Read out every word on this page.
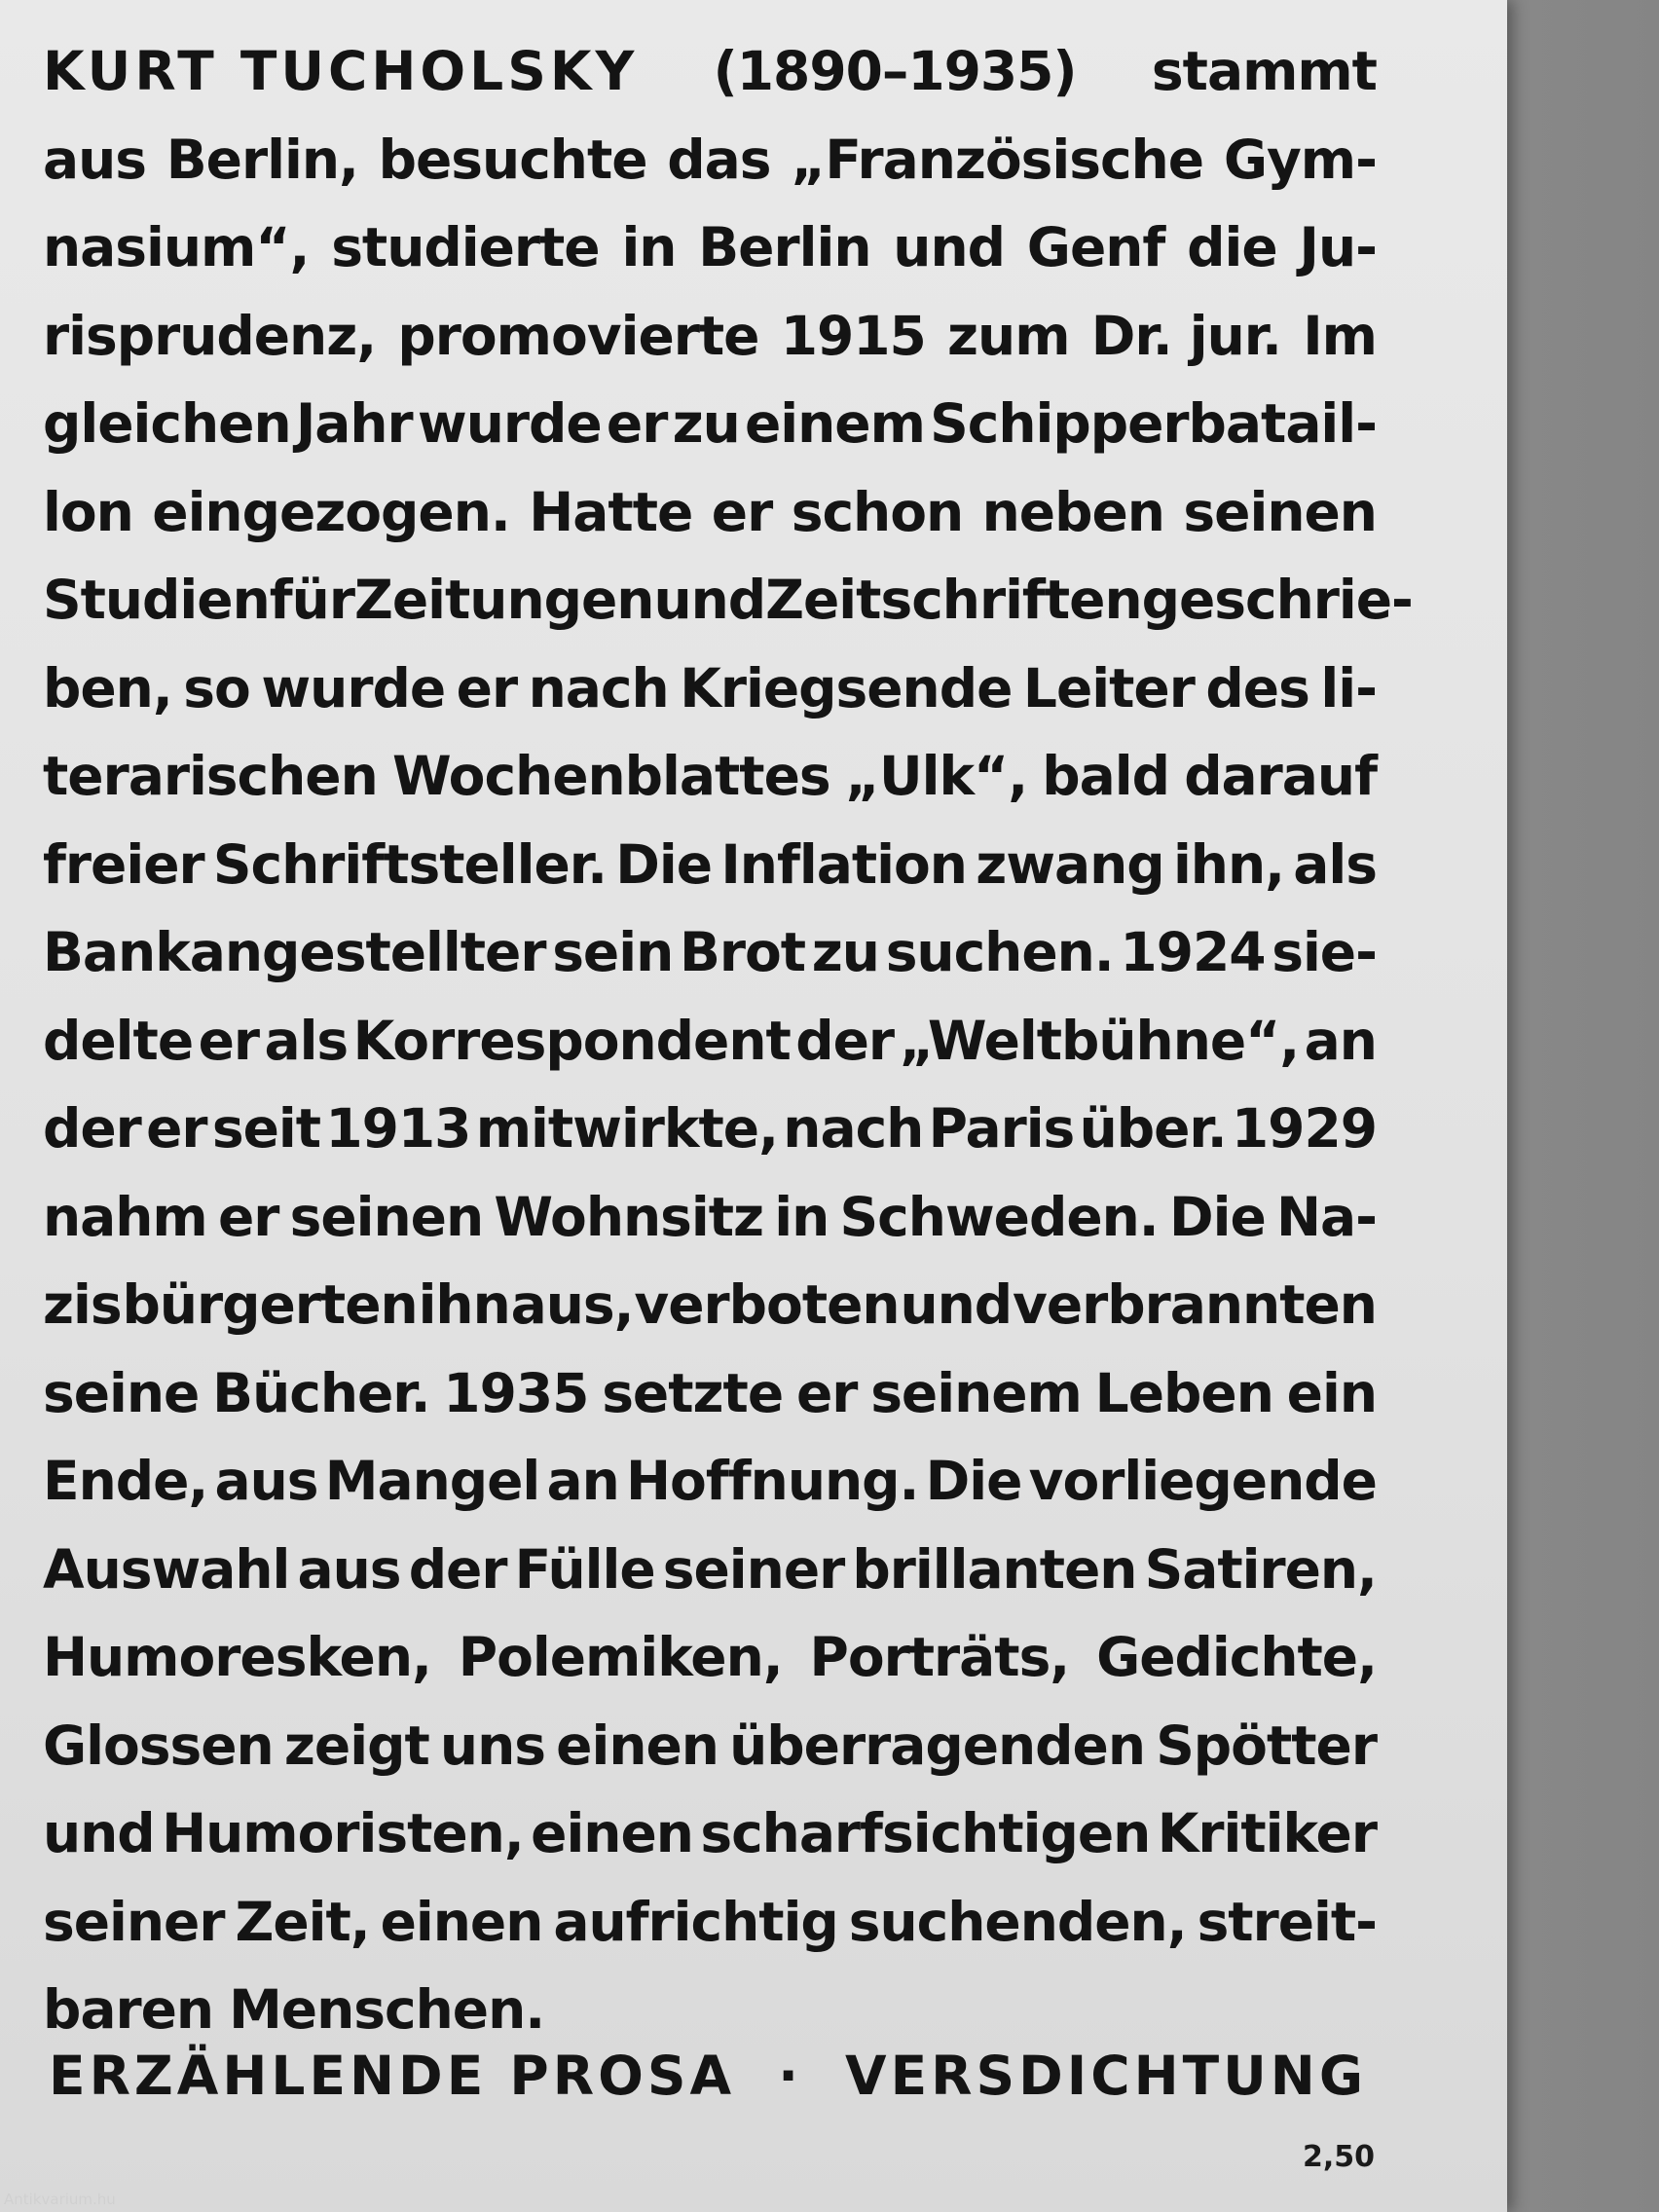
KURT TUCHOLSKY (1890–1935) stammt
aus Berlin, besuchte das „Französische Gym-
nasium“, studierte in Berlin und Genf die Ju-
risprudenz, promovierte 1915 zum Dr. jur. Im
gleichen Jahr wurde er zu einem Schipperbatail-
lon eingezogen. Hatte er schon neben seinen
Studien für Zeitungen und Zeitschriften geschrie-
ben, so wurde er nach Kriegsende Leiter des li-
terarischen Wochenblattes „Ulk“, bald darauf
freier Schriftsteller. Die Inflation zwang ihn, als
Bankangestellter sein Brot zu suchen. 1924 sie-
delte er als Korrespondent der „Weltbühne“, an
der er seit 1913 mitwirkte, nach Paris über. 1929
nahm er seinen Wohnsitz in Schweden. Die Na-
zis bürgerten ihn aus, verboten und verbrannten
seine Bücher. 1935 setzte er seinem Leben ein
Ende, aus Mangel an Hoffnung. Die vorliegende
Auswahl aus der Fülle seiner brillanten Satiren,
Humoresken, Polemiken, Porträts, Gedichte,
Glossen zeigt uns einen überragenden Spötter
und Humoristen, einen scharfsichtigen Kritiker
seiner Zeit, einen aufrichtig suchenden, streit-
baren Menschen.
ERZÄHLENDE PROSA · VERSDICHTUNG
2,50
Antikvarium.hu
